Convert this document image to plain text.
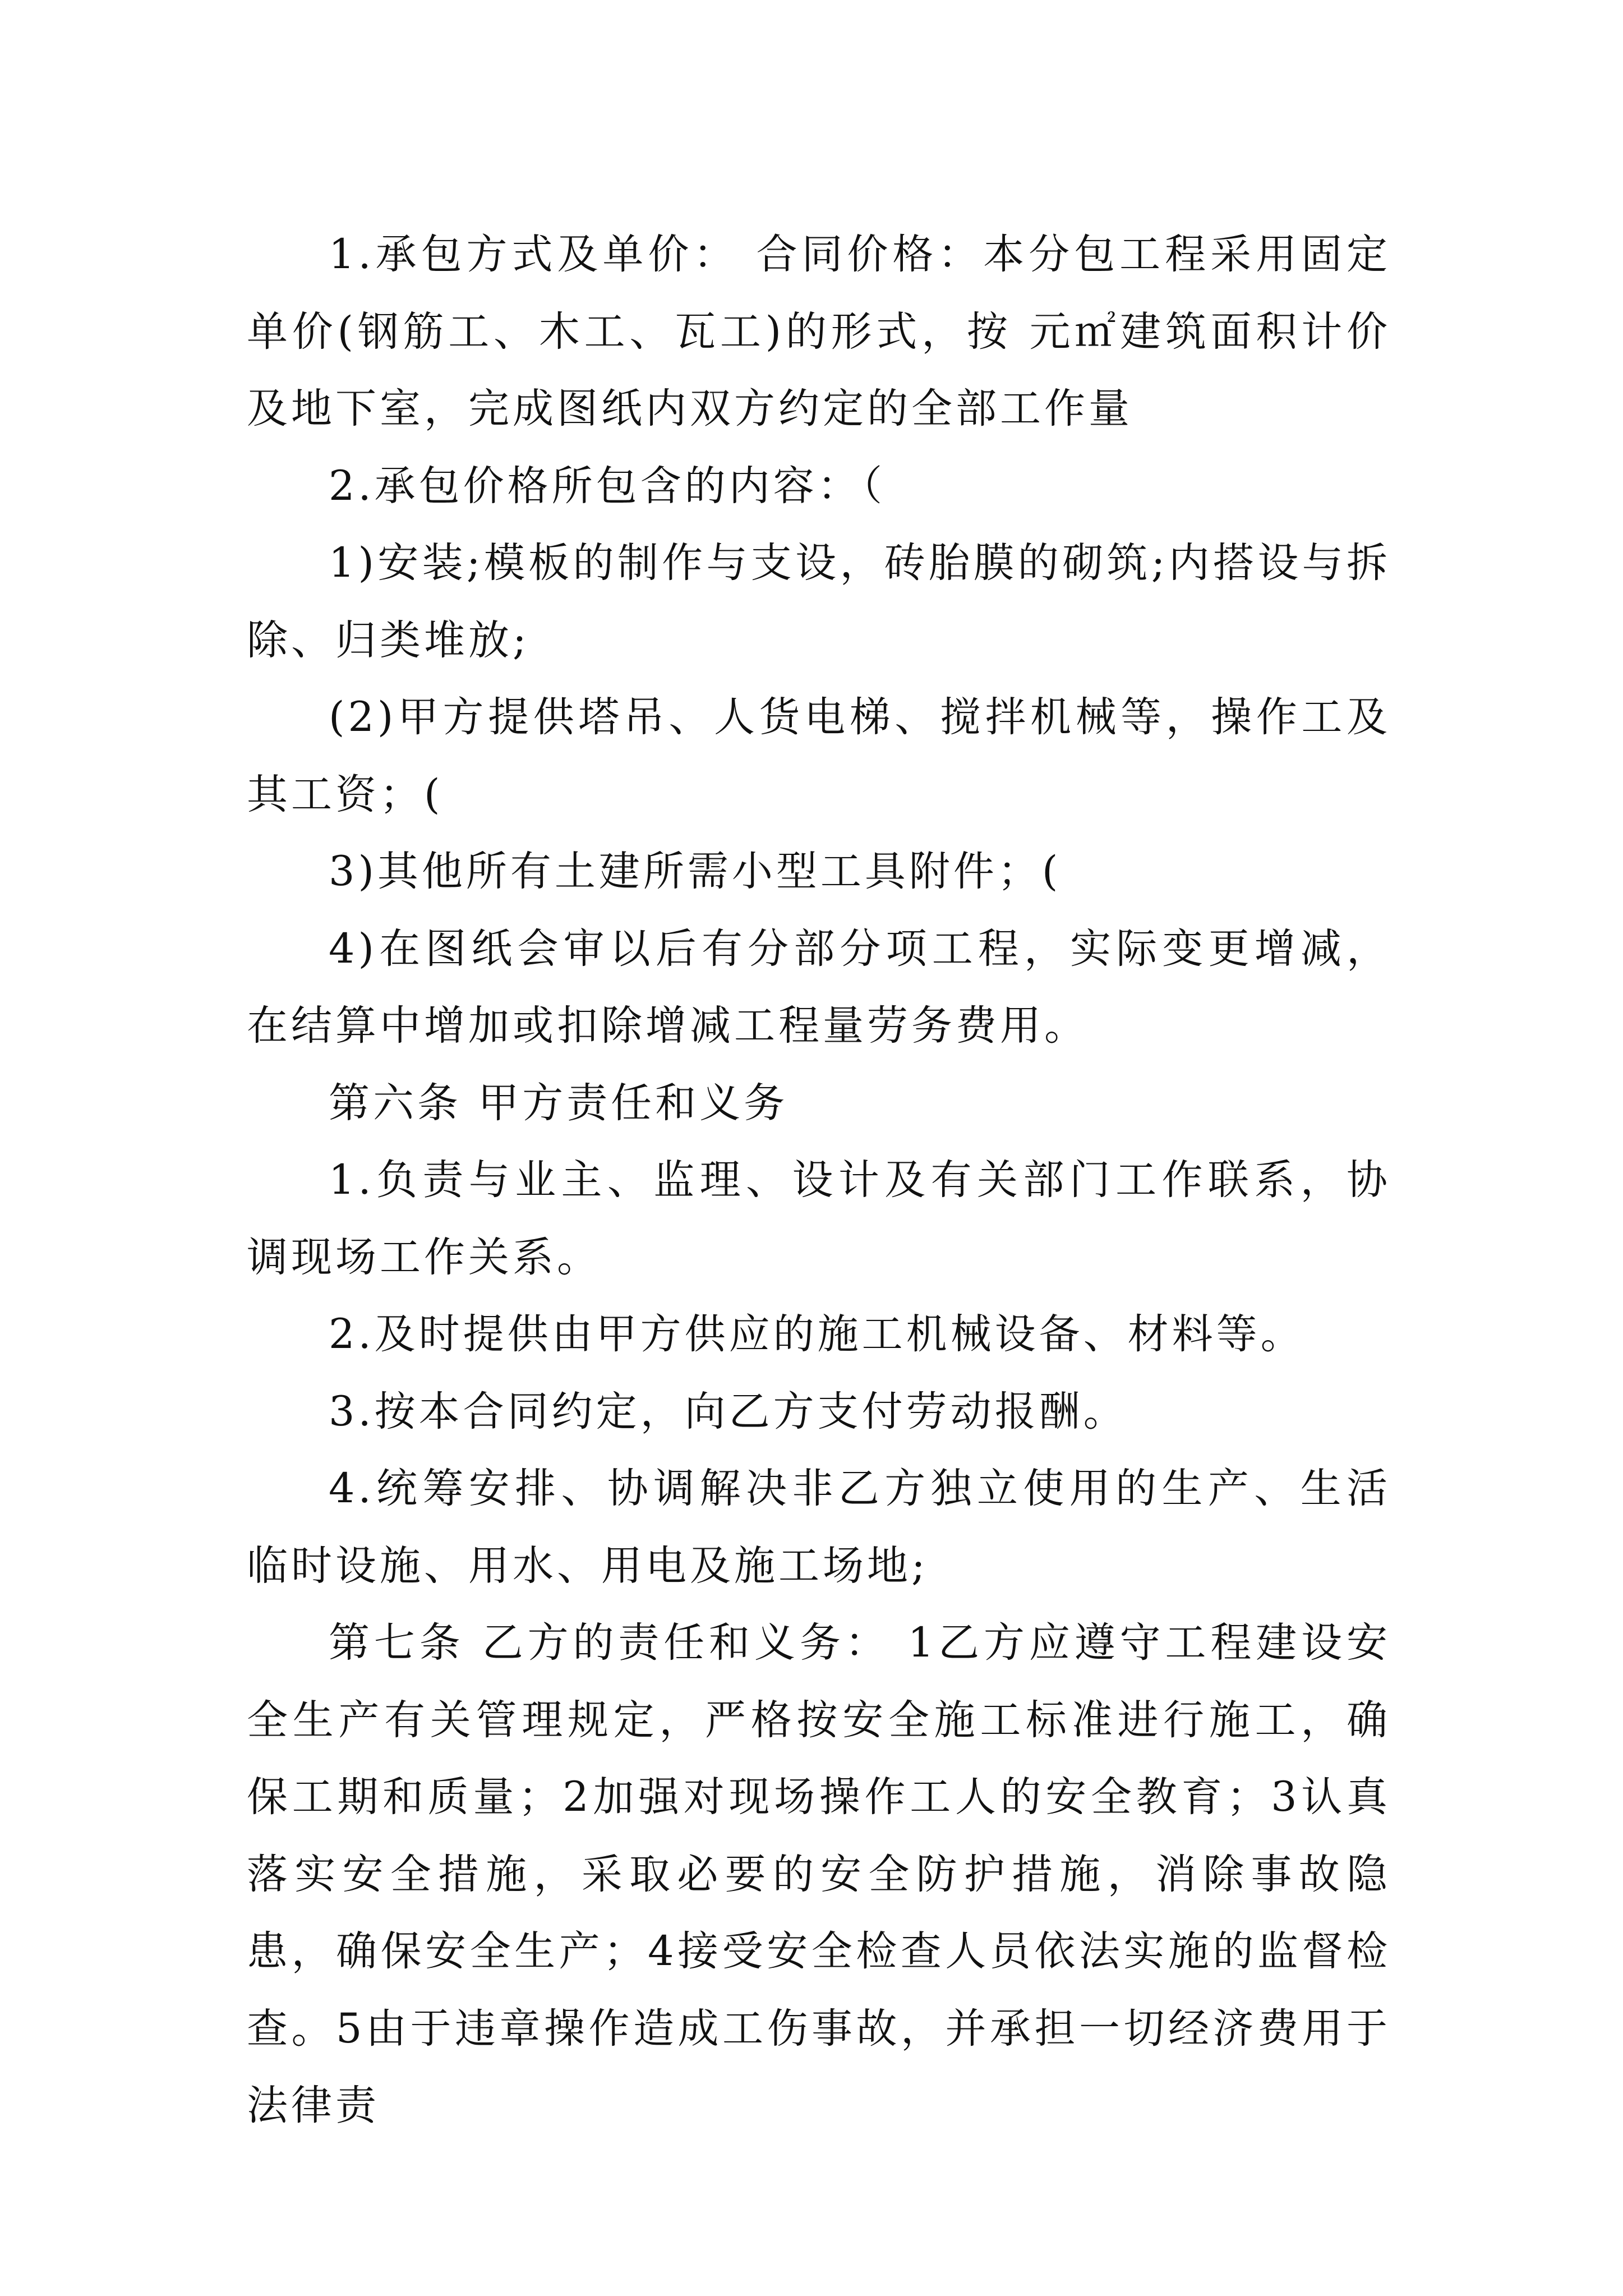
1.承包方式及单价： 合同价格：本分包工程采用固定单价(钢筋工、木工、瓦工)的形式，按 元㎡建筑面积计价及地下室，完成图纸内双方约定的全部工作量

2.承包价格所包含的内容：（

1)安装;模板的制作与支设，砖胎膜的砌筑;内搭设与拆除、归类堆放;

(2)甲方提供塔吊、人货电梯、搅拌机械等，操作工及其工资；(

3)其他所有土建所需小型工具附件；(

4)在图纸会审以后有分部分项工程，实际变更增减，在结算中增加或扣除增减工程量劳务费用。

第六条 甲方责任和义务

1.负责与业主、监理、设计及有关部门工作联系，协调现场工作关系。

2.及时提供由甲方供应的施工机械设备、材料等。

3.按本合同约定，向乙方支付劳动报酬。

4.统筹安排、协调解决非乙方独立使用的生产、生活临时设施、用水、用电及施工场地;

第七条 乙方的责任和义务： 1乙方应遵守工程建设安全生产有关管理规定，严格按安全施工标准进行施工，确保工期和质量；2加强对现场操作工人的安全教育；3认真落实安全措施，采取必要的安全防护措施，消除事故隐患，确保安全生产；4接受安全检查人员依法实施的监督检查。5由于违章操作造成工伤事故，并承担一切经济费用于法律责
